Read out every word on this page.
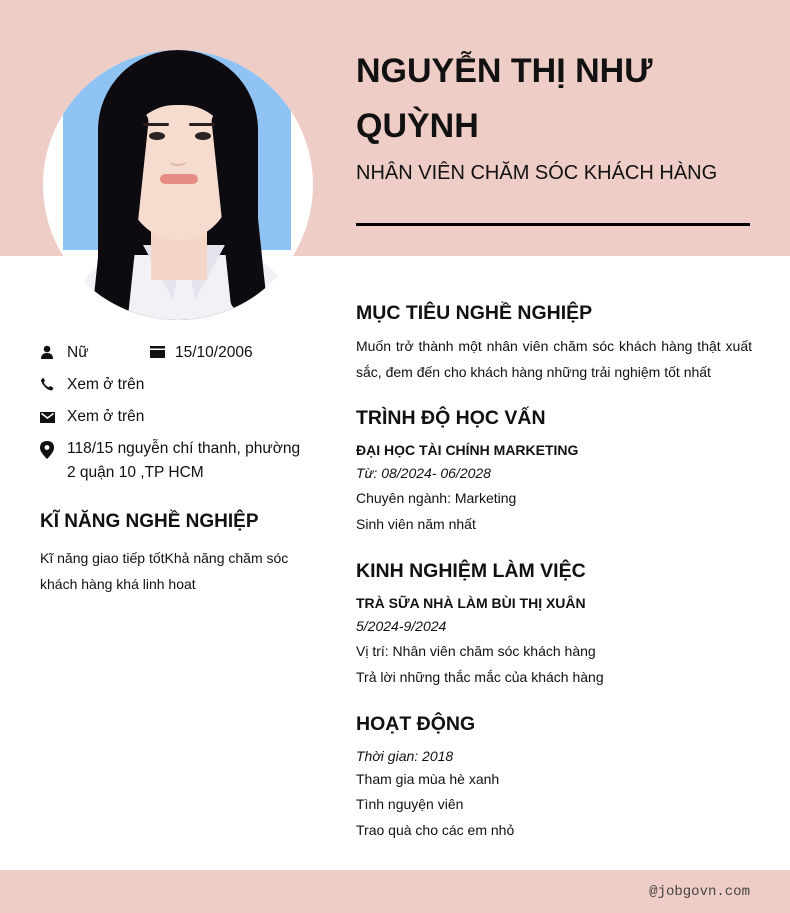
NGUYỄN THỊ NHƯ QUỲNH
NHÂN VIÊN CHĂM SÓC KHÁCH HÀNG
Nữ	15/10/2006
Xem ở trên
Xem ở trên
118/15 nguyễn chí thanh, phường
2 quận 10 ,TP HCM
KĨ NĂNG NGHỀ NGHIỆP
Kĩ năng giao tiếp tốtKhả năng chăm sóc khách hàng khá linh hoat
MỤC TIÊU NGHỀ NGHIỆP
Muốn trở thành một nhân viên chăm sóc khách hàng thật xuất sắc, đem đến cho khách hàng những trải nghiệm tốt nhất
TRÌNH ĐỘ HỌC VẤN
ĐẠI HỌC TÀI CHÍNH MARKETING
Từ: 08/2024- 06/2028
Chuyên ngành: Marketing
Sinh viên năm nhất
KINH NGHIỆM LÀM VIỆC
TRÀ SỮA NHÀ LÀM BÙI THỊ XUÂN
5/2024-9/2024
Vị trí: Nhân viên chăm sóc khách hàng
Trả lời những thắc mắc của khách hàng
HOẠT ĐỘNG
Thời gian: 2018
Tham gia mùa hè xanh
Tình nguyện viên
Trao quà cho các em nhỏ
@jobgovn.com
